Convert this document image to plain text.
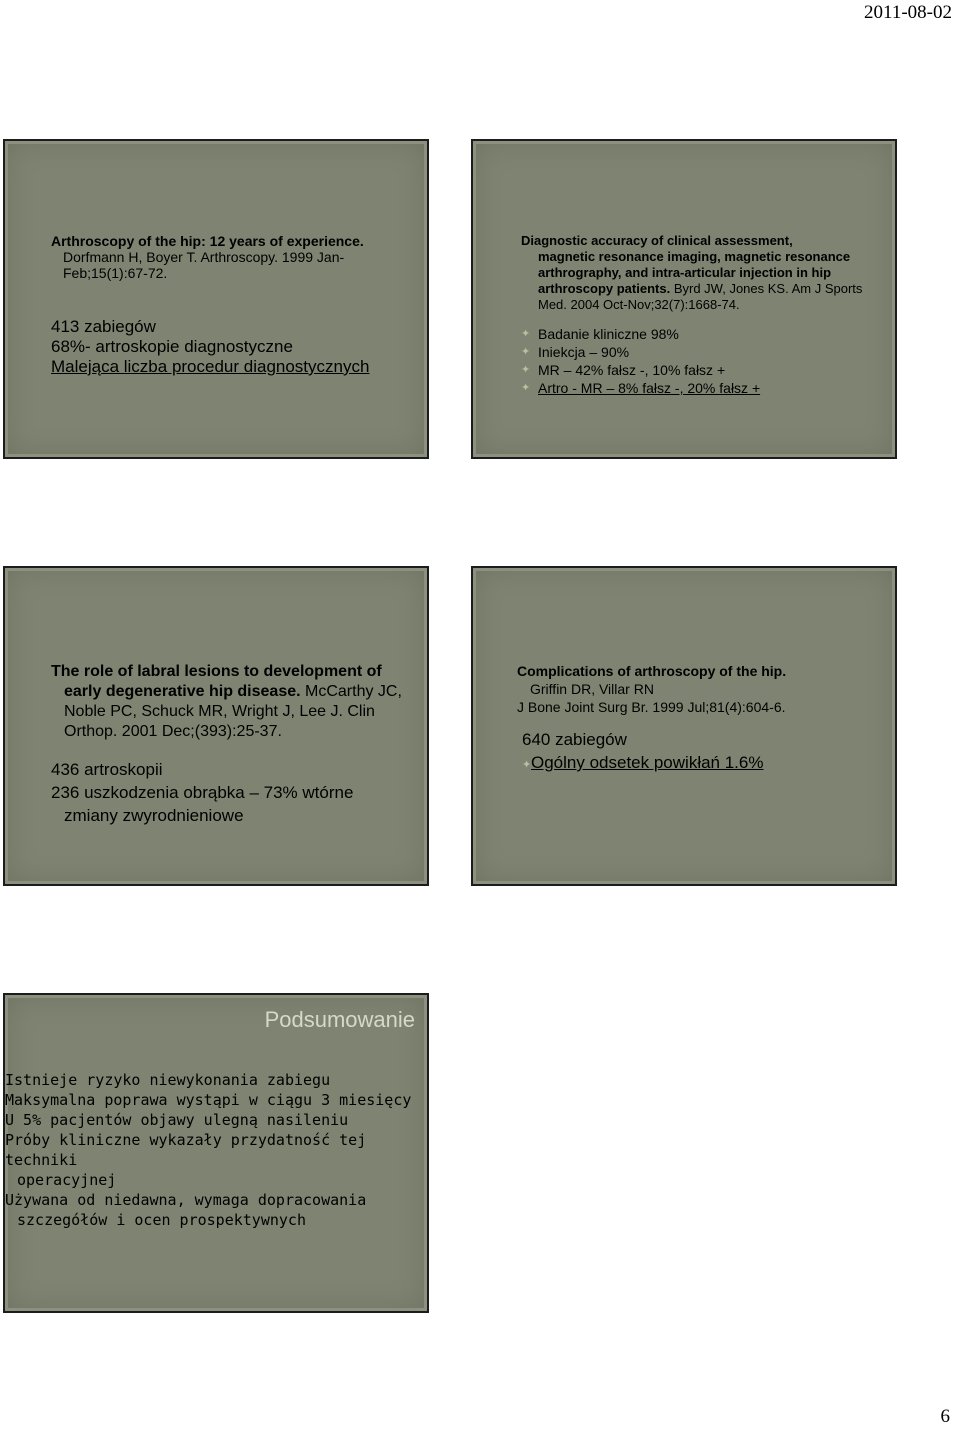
2011-08-02
Arthroscopy of the hip: 12 years of experience.
Dorfmann H, Boyer T. Arthroscopy. 1999 Jan-Feb;15(1):67-72.
413 zabiegów
68%- artroskopie diagnostyczne
Malejąca liczba procedur diagnostycznych
Diagnostic accuracy of clinical assessment,
magnetic resonance imaging, magnetic resonance arthrography, and intra-articular injection in hip arthroscopy patients. Byrd JW, Jones KS. Am J Sports Med. 2004 Oct-Nov;32(7):1668-74.
✦ Badanie kliniczne 98%
✦ Iniekcja – 90%
✦ MR – 42% fałsz -, 10% fałsz +
✦ Artro - MR – 8% fałsz -, 20% fałsz +
The role of labral lesions to development of
early degenerative hip disease. McCarthy JC, Noble PC, Schuck MR, Wright J, Lee J. Clin Orthop. 2001 Dec;(393):25-37.
436 artroskopii
236 uszkodzenia obrąbka – 73% wtórne
zmiany zwyrodnieniowe
Complications of arthroscopy of the hip.
Griffin DR, Villar RN
J Bone Joint Surg Br. 1999 Jul;81(4):604-6.
640 zabiegów
✦ Ogólny odsetek powikłań 1.6%
Podsumowanie
Istnieje ryzyko niewykonania zabiegu
Maksymalna poprawa wystąpi w ciągu 3 miesięcy
U 5% pacjentów objawy ulegną nasileniu
Próby kliniczne wykazały przydatność tej techniki
operacyjnej
Używana od niedawna, wymaga dopracowania
szczegółów i ocen prospektywnych
6
